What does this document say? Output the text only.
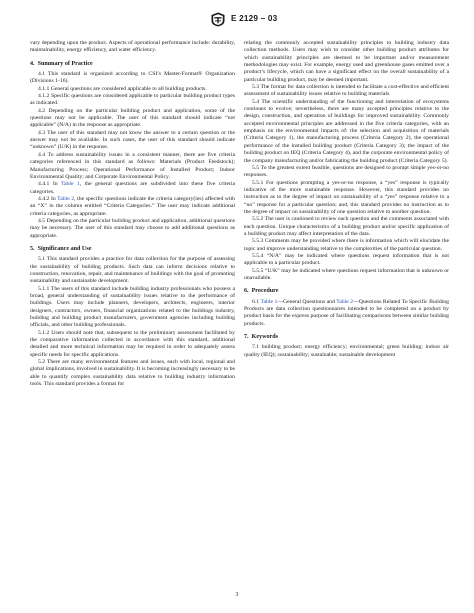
E 2129 – 03

vary depending upon the product. Aspects of operational performance include: durability, maintainability, energy efficiency, and water efficiency.

4. Summary of Practice

4.1 This standard is organized according to CSI’s Master-Format® Organization (Divisions 1-16).

4.1.1 General questions are considered applicable to all building products.

4.1.2 Specific questions are considered applicable to particular building product types as indicated.

4.2 Depending on the particular building product and application, some of the questions may not be applicable. The user of this standard should indicate “not applicable” (N/A) in the response as appropriate.

4.3 The user of this standard may not know the answer to a certain question or the answer may not be available. In such cases, the user of this standard should indicate “unknown” (U/K) in the response.

4.4 To address sustainability issues in a consistent manner, there are five criteria categories referenced in this standard as follows: Materials (Product Feedstock); Manufacturing Process; Operational Performance of Installed Product; Indoor Environmental Quality; and Corporate Environmental Policy.

4.4.1 In Table 1, the general questions are subdivided into these five criteria categories.

4.4.2 In Table 2, the specific questions indicate the criteria category(ies) affected with an “X” in the column entitled “Criteria Categories.” The user may indicate additional criteria categories, as appropriate.

4.5 Depending on the particular building product and application, additional questions may be necessary. The user of this standard may choose to add additional questions as appropriate.

5. Significance and Use

5.1 This standard provides a practice for data collection for the purpose of assessing the sustainability of building products. Such data can inform decisions relative to construction, renovation, repair, and maintenance of buildings with the goal of promoting sustainability and sustainable development.

5.1.1 The users of this standard include building industry professionals who possess a broad, general understanding of sustainability issues relative to the performance of buildings. Users may include planners, developers, architects, engineers, interior designers, contractors, owners, financial organizations related to the buildings industry, building and building product manufacturers, government agencies including building officials, and other building professionals.

5.1.2 Users should note that, subsequent to the preliminary assessment facilitated by the comparative information collected in accordance with this standard, additional detailed and more technical information may be required in order to adequately assess specific needs for specific applications.

5.2 There are many environmental features and issues, each with local, regional and global implications, involved in sustainability. It is becoming increasingly necessary to be able to quantify complex sustainability data relative to building industry information tools. This standard provides a format for

relating the commonly accepted sustainability principles to building industry data collection methods. Users may wish to consider other building product attributes for which sustainability principles are deemed to be important and/or measurement methodologies may exist. For example, energy used and greenhouse gases emitted over a product’s lifecycle, which can have a significant effect on the overall sustainability of a particular building product, may be deemed important.

5.3 The format for data collection is intended to facilitate a cost-effective and efficient assessment of sustainability issues relative to building materials.

5.4 The scientific understanding of the functioning and interrelation of ecosystems continues to evolve; nevertheless, there are many accepted principles relative to the design, construction, and operation of buildings for improved sustainability. Commonly accepted environmental principles are addressed in the five criteria categories, with an emphasis on the environmental impacts of: the selection and acquisition of materials (Criteria Category 1), the manufacturing process (Criteria Category 2), the operational performance of the installed building product (Criteria Category 3); the impact of the building product on IEQ (Criteria Category 4), and the corporate environmental policy of the company manufacturing and/or fabricating the building product (Criteria Category 5).

5.5 To the greatest extent feasible, questions are designed to prompt simple yes-or-no responses.

5.5.1 For questions prompting a yes-or-no response, a “yes” response is typically indicative of the more sustainable response. However, this standard provides no instruction as to the degree of impact on sustainability of a “yes” response relative to a “no” response for a particular question; and, this standard provides no instruction as to the degree of impact on sustainability of one question relative to another question.

5.5.2 The user is cautioned to review each question and the comments associated with each question. Unique characteristics of a building product and/or specific application of a building product may affect interpretation of the data.

5.5.3 Comments may be provided where there is information which will elucidate the topic and improve understanding relative to the complexities of the particular question.

5.5.4 “N/A” may be indicated where questions request information that is not applicable to a particular product.

5.5.5 “U/K” may be indicated where questions request information that is unknown or unavailable.

6. Procedure

6.1 Table 1—General Questions and Table 2—Questions Related To Specific Building Products are data collection questionnaires intended to be completed on a product by product basis for the express purpose of facilitating comparisons between similar building products.

7. Keywords

7.1 building product; energy efficiency; environmental; green building; indoor air quality (IEQ); sustainability; sustainable; sustainable development

3
